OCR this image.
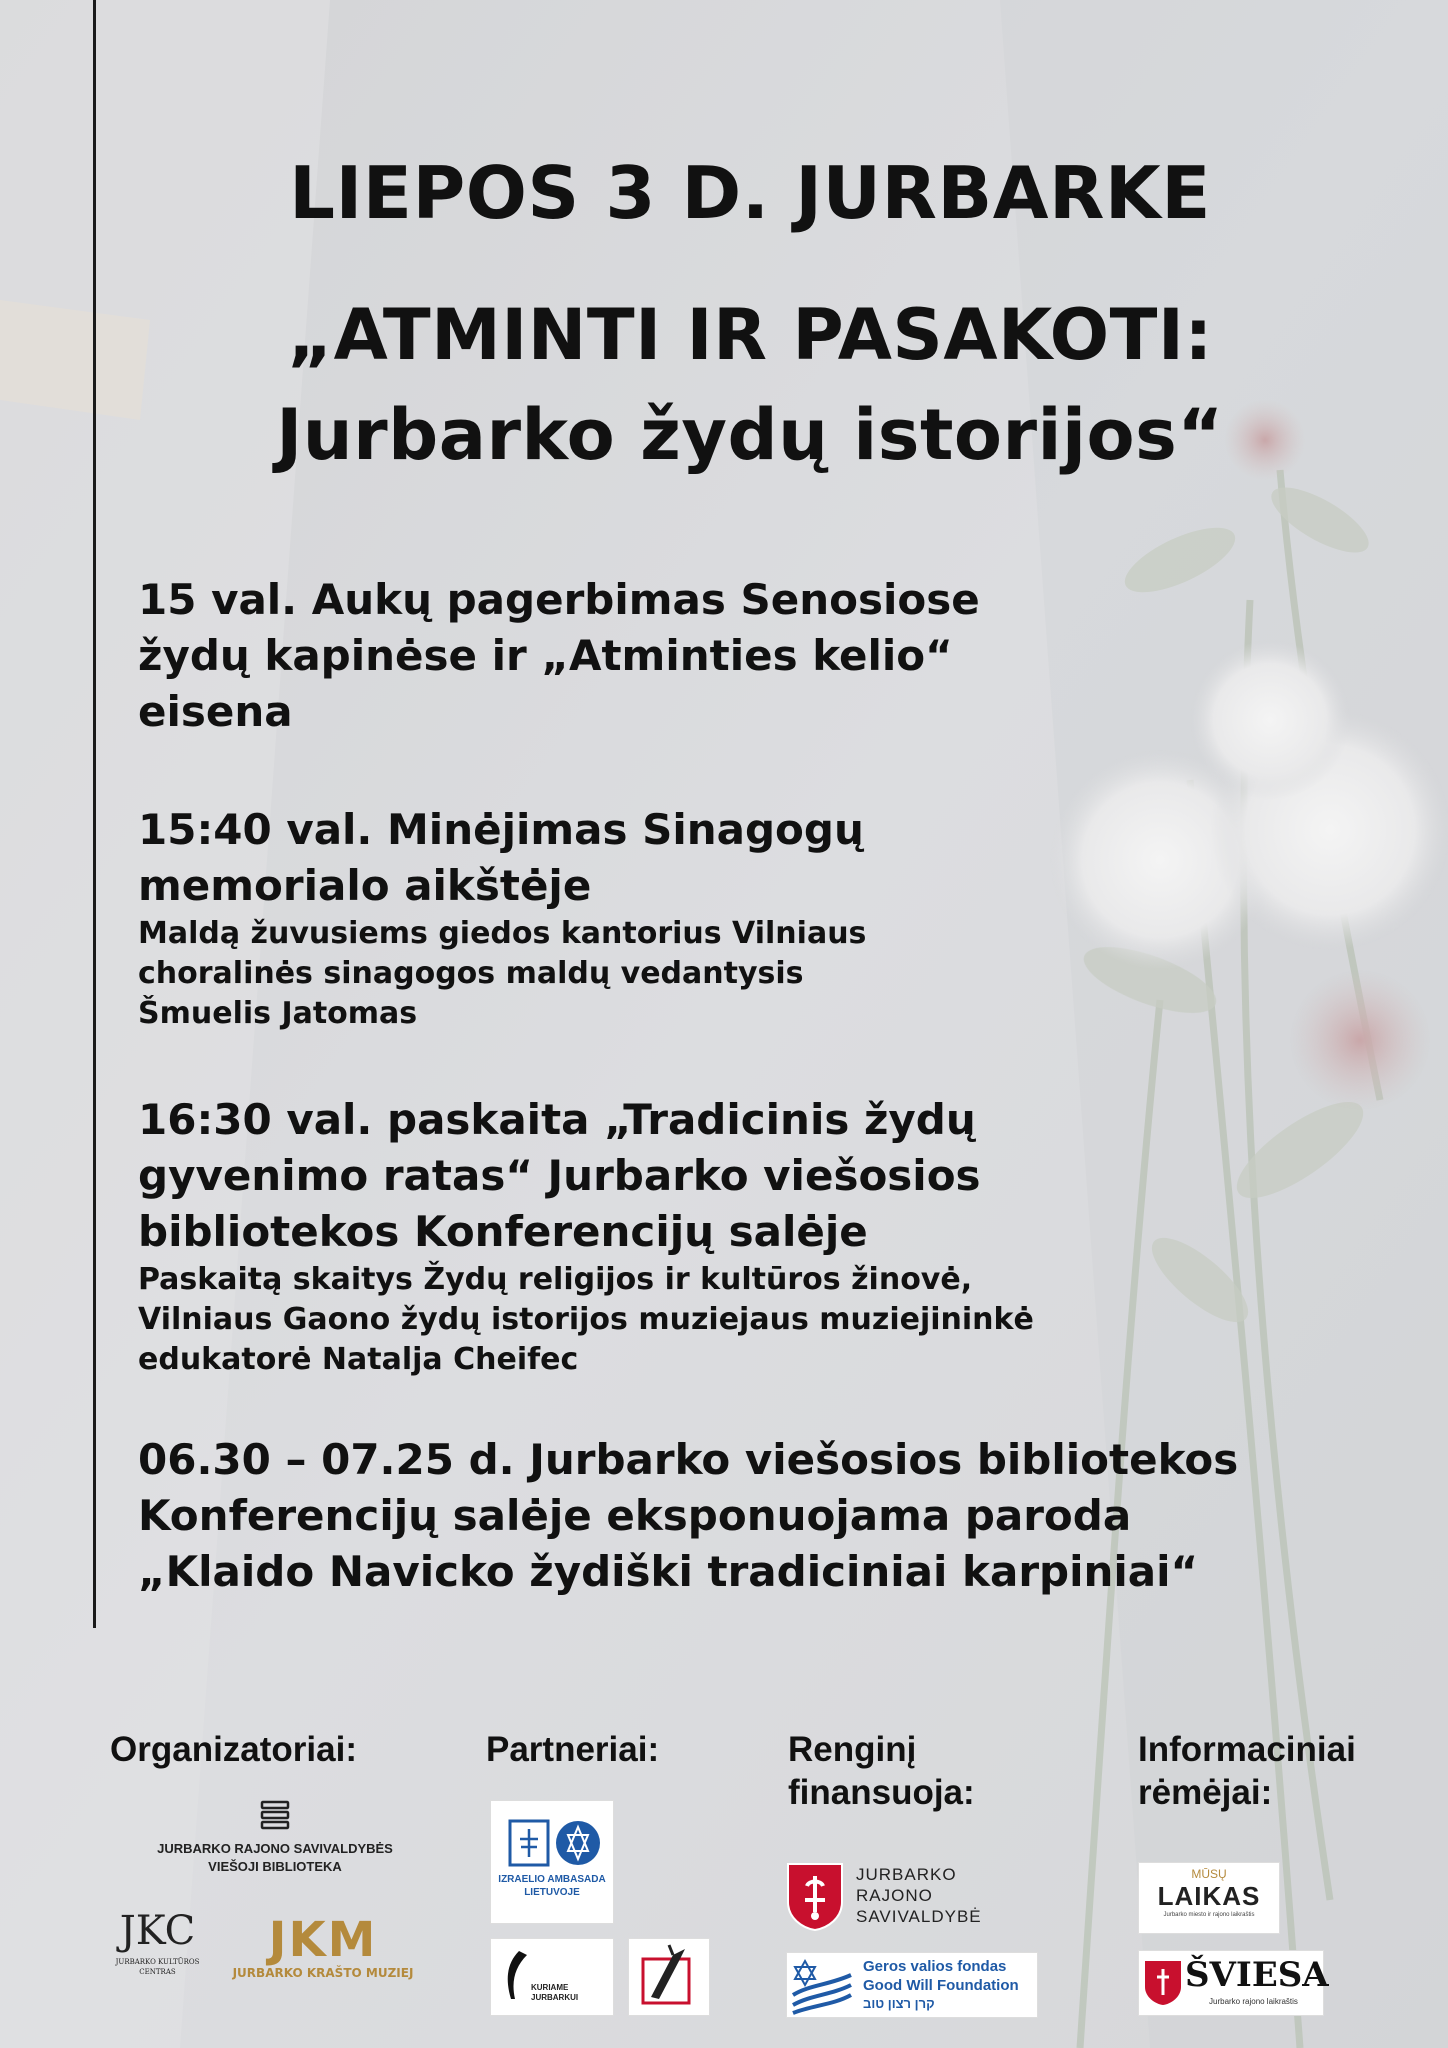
LIEPOS 3 D. JURBARKE
„ATMINTI IR PASAKOTI:
Jurbarko žydų istorijos“
15 val. Aukų pagerbimas Senosiose
žydų kapinėse ir „Atminties kelio“
eisena
15:40 val. Minėjimas Sinagogų
memorialo aikštėje
Maldą žuvusiems giedos kantorius Vilniaus
choralinės sinagogos maldų vedantysis
Šmuelis Jatomas
16:30 val. paskaita „Tradicinis žydų
gyvenimo ratas“ Jurbarko viešosios
bibliotekos Konferencijų salėje
Paskaitą skaitys Žydų religijos ir kultūros žinovė,
Vilniaus Gaono žydų istorijos muziejaus muziejininkė
edukatorė Natalja Cheifec
06.30 – 07.25 d. Jurbarko viešosios bibliotekos
Konferencijų salėje eksponuojama paroda
„Klaido Navicko žydiški tradiciniai karpiniai“
Organizatoriai:	Partneriai:	Renginį
finansuoja:
Informaciniai
rėmėjai:
JURBARKO RAJONO SAVIVALDYBĖS
VIEŠOJI BIBLIOTEKA
JKC
JURBARKO KULTŪROS CENTRAS
JKM
JURBARKO KRAŠTO MUZIEJ
IZRAELIO AMBASADA
LIETUVOJE
KURIAME JURBARKUI
JURBARKO
RAJONO
SAVIVALDYBĖ
Geros valios fondas
Good Will Foundation
קרן רצון טוב
MŪSŲ
LAIKAS
Jurbarko miesto ir rajono laikraštis
ŠVIESA
Jurbarko rajono laikraštis
